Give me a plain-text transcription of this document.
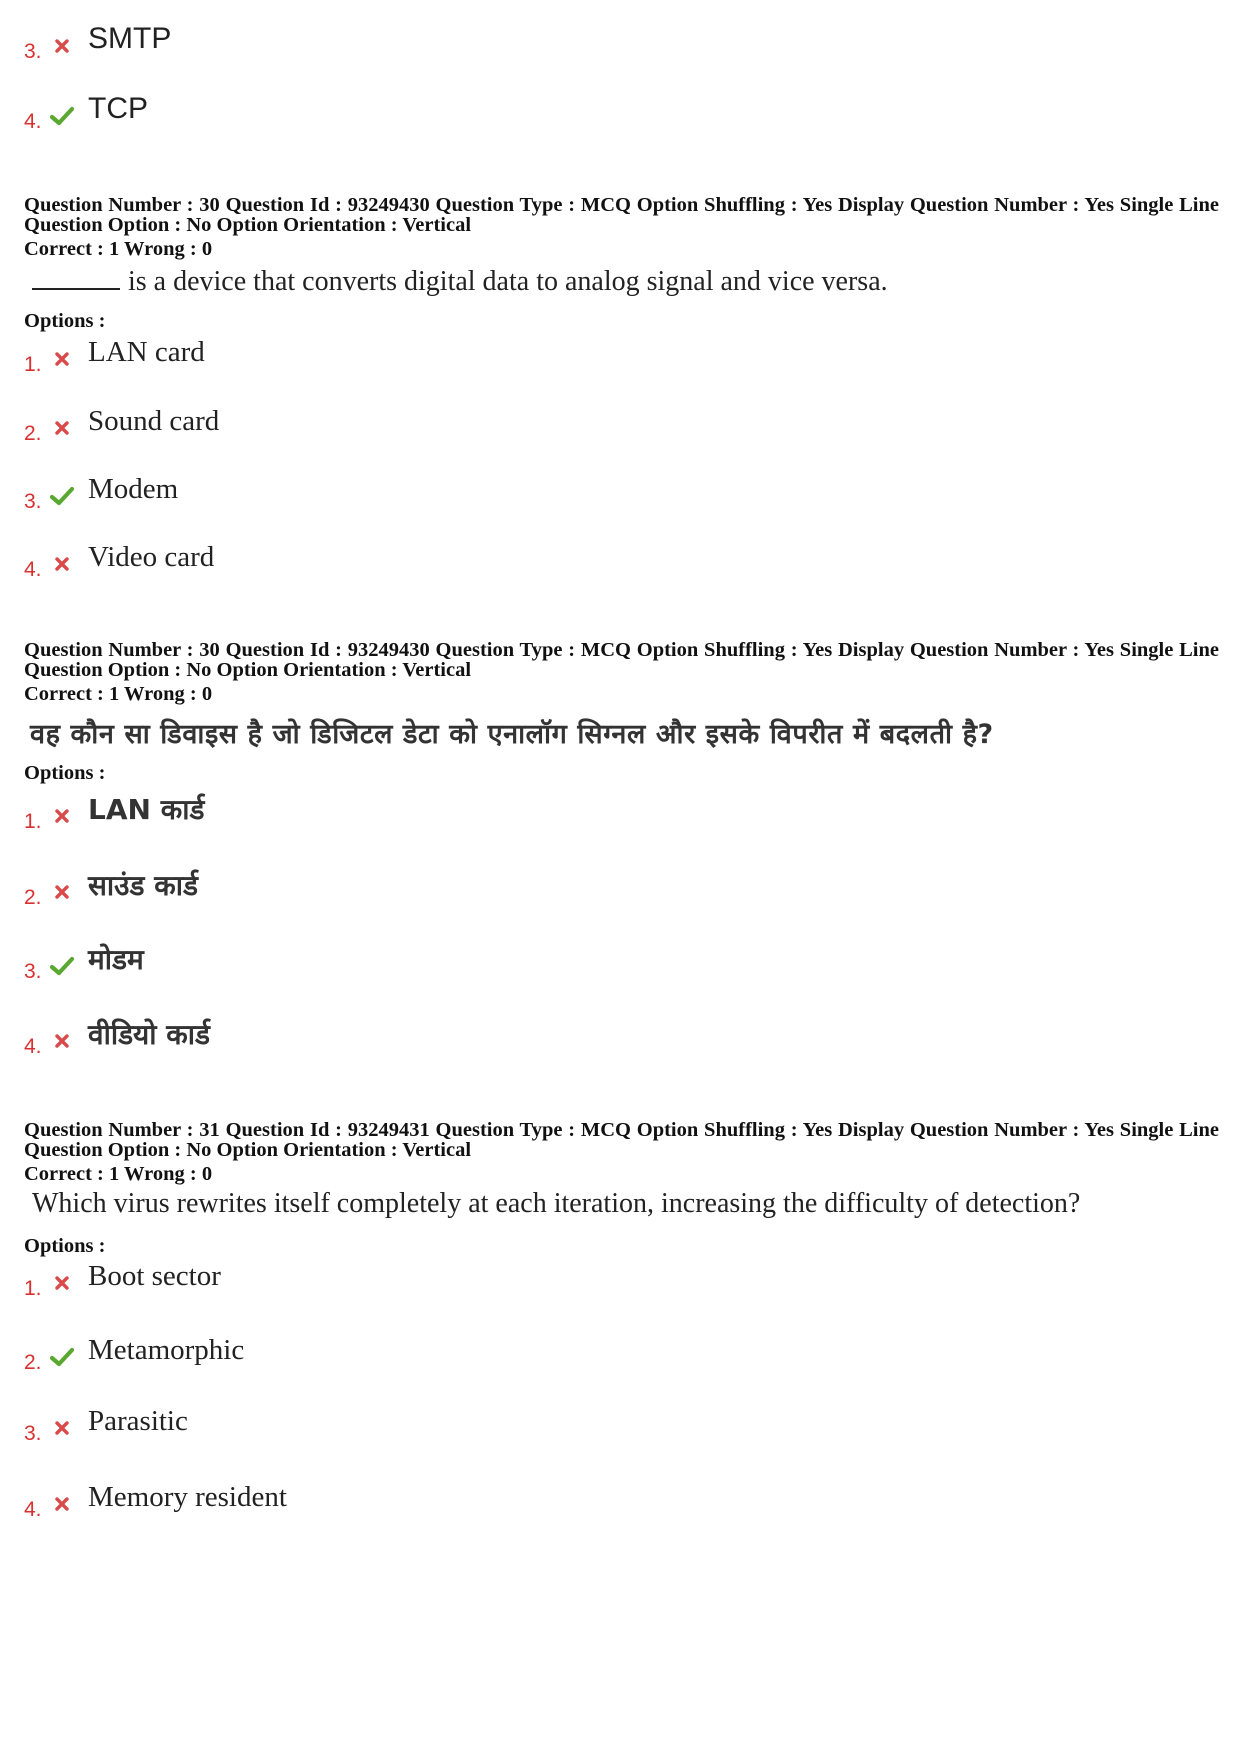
3. SMTP
4. TCP
Question Number : 30 Question Id : 93249430 Question Type : MCQ Option Shuffling : Yes Display Question Number : Yes Single Line Question Option : No Option Orientation : Vertical
Correct : 1 Wrong : 0
is a device that converts digital data to analog signal and vice versa.
Options :
1. LAN card
2. Sound card
3. Modem
4. Video card
Question Number : 30 Question Id : 93249430 Question Type : MCQ Option Shuffling : Yes Display Question Number : Yes Single Line Question Option : No Option Orientation : Vertical
Correct : 1 Wrong : 0
वह कौन सा डिवाइस है जो डिजिटल डेटा को एनालॉग सिग्नल और इसके विपरीत में बदलती है?
Options :
1. LAN कार्ड
2. साउंड कार्ड
3. मोडम
4. वीडियो कार्ड
Question Number : 31 Question Id : 93249431 Question Type : MCQ Option Shuffling : Yes Display Question Number : Yes Single Line Question Option : No Option Orientation : Vertical
Correct : 1 Wrong : 0
Which virus rewrites itself completely at each iteration, increasing the difficulty of detection?
Options :
1. Boot sector
2. Metamorphic
3. Parasitic
4. Memory resident
